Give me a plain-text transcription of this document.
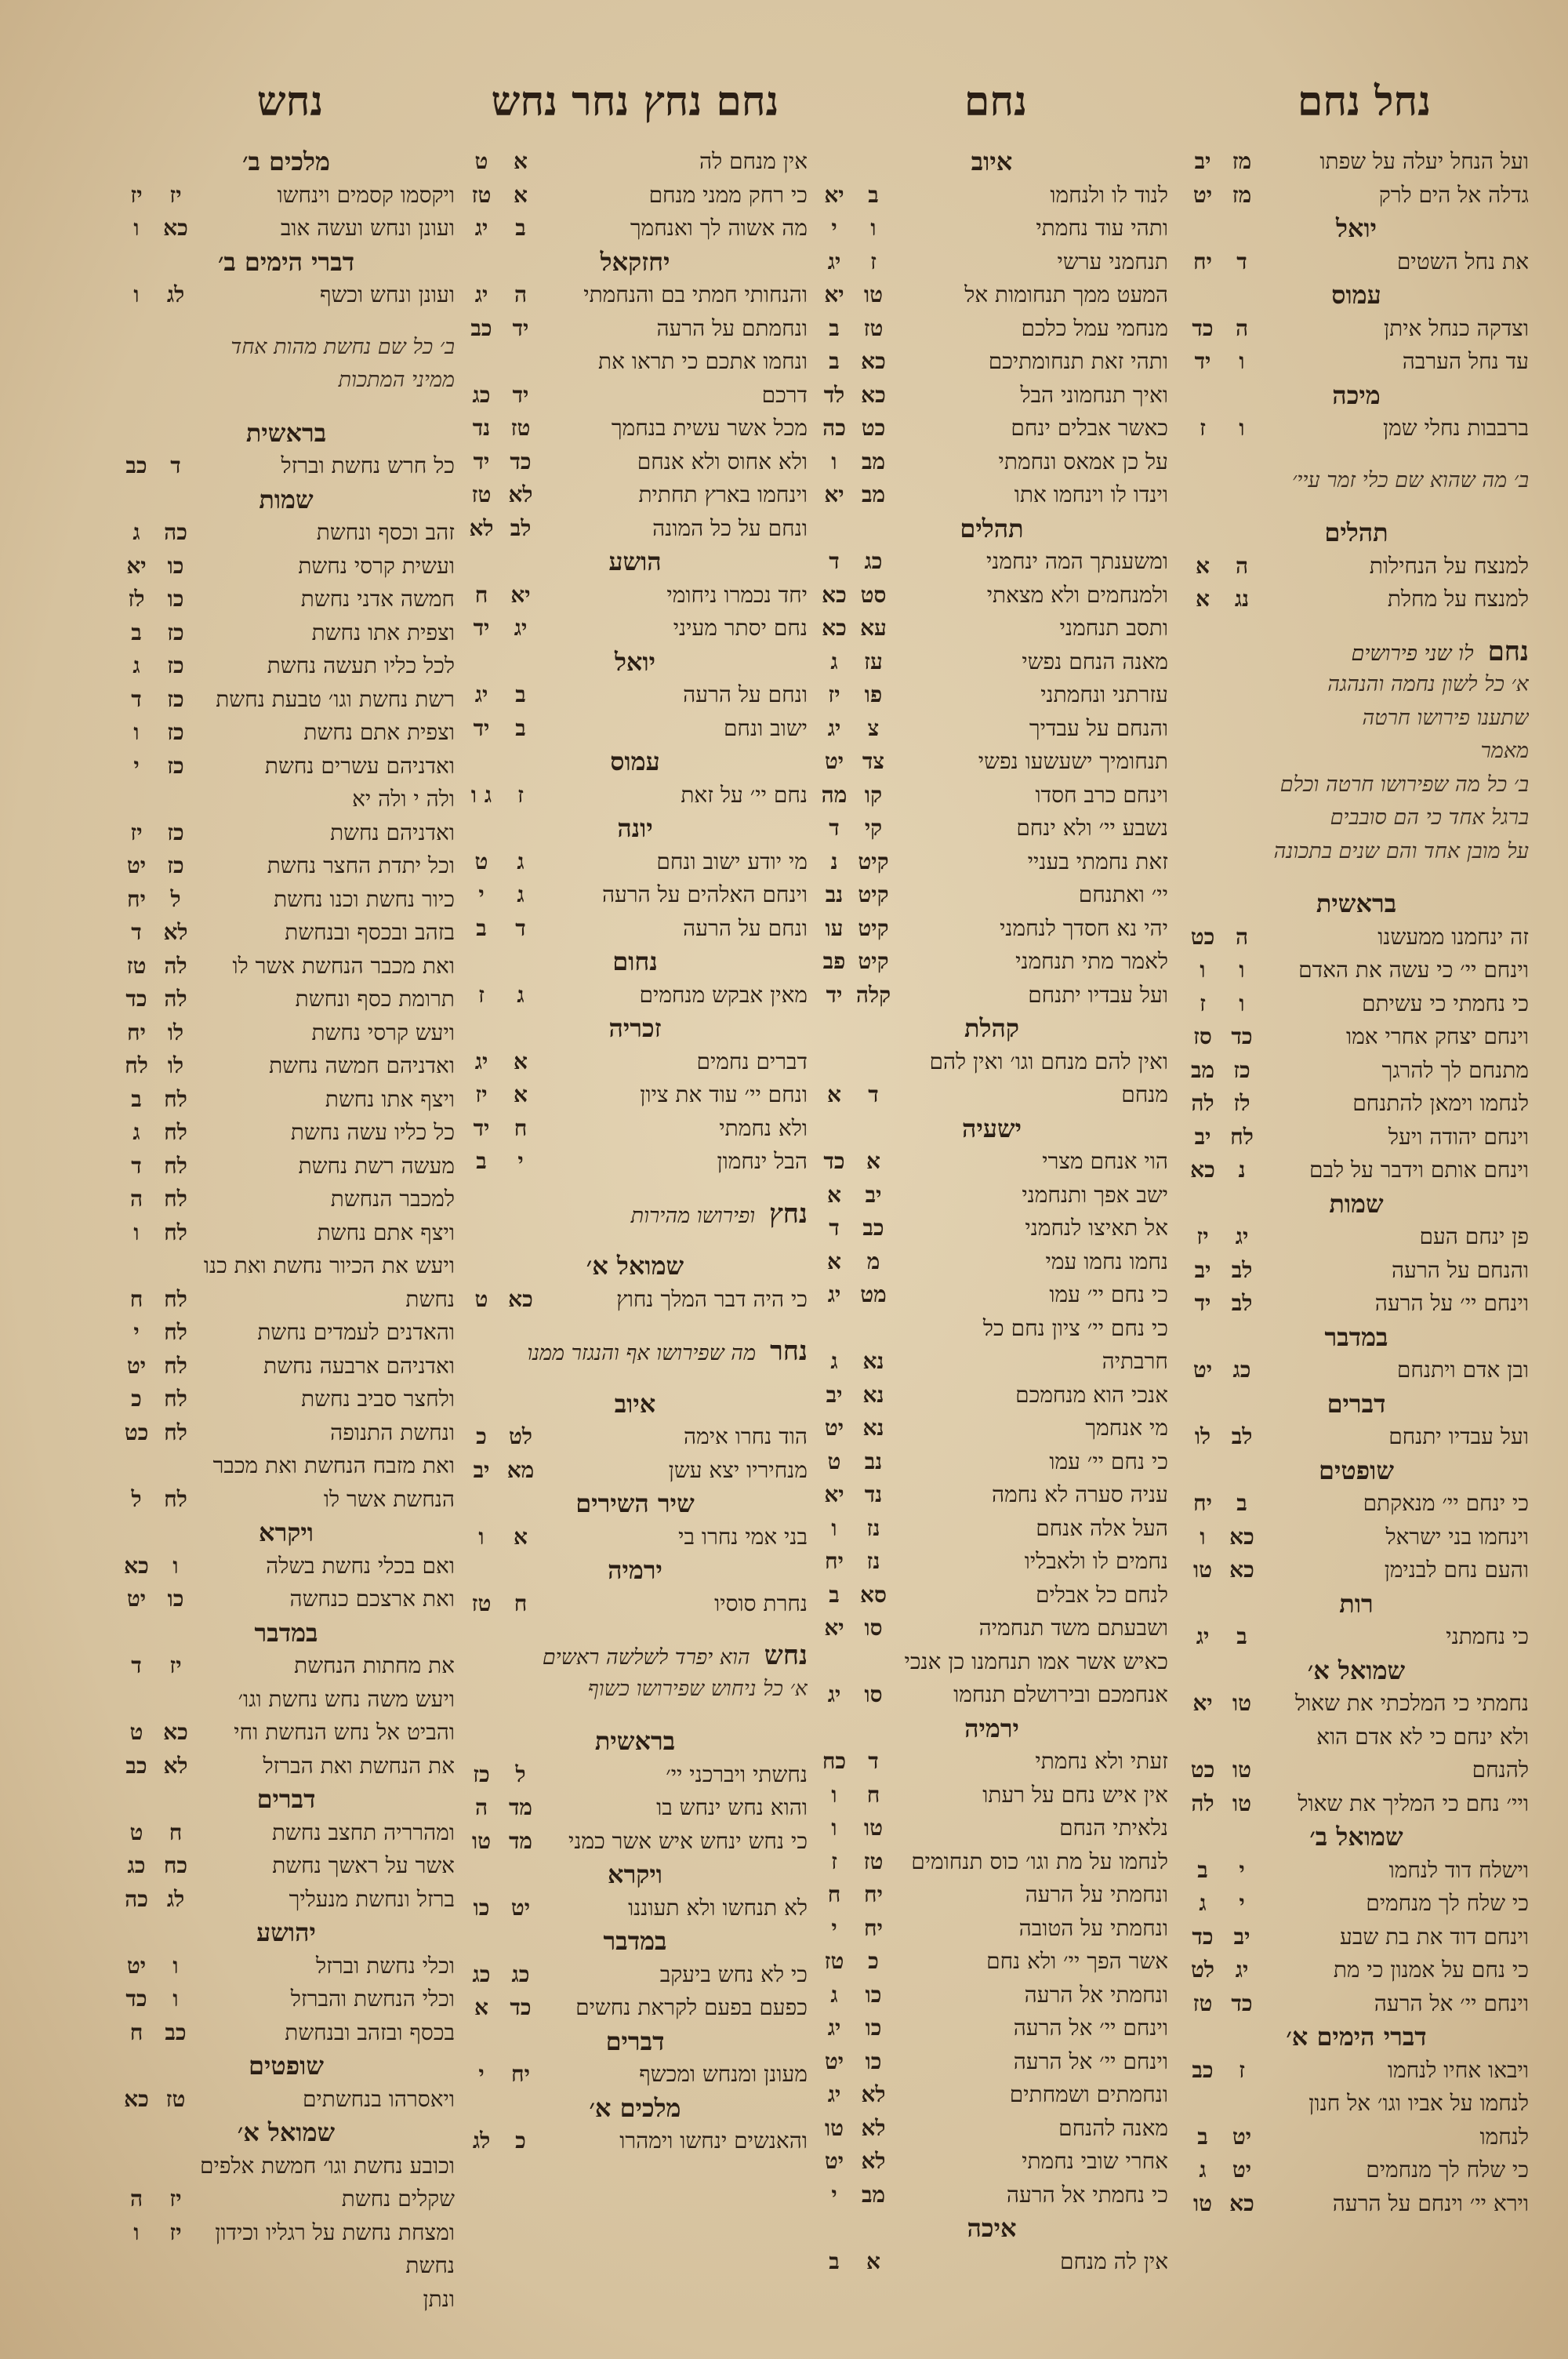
נחל נחם
נחם
נחם נחץ נחר נחש
נחש
ועל הנחל יעלה על שפתו
מז
יב
גדלה אל הים לרק
מז
יט
יואל
את נחל השטים
ד
יח
עמוס
וצדקה כנחל איתן
ה
כד
עד נחל הערבה
ו
יד
מיכה
ברבבות נחלי שמן
ו
ז
ב׳ מה שהוא שם כלי זמר עיי׳
תהלים
למנצח על הנחילות
ה
א
למנצח על מחלת
נג
א
נחם
לו שני פירושים
א׳ כל לשון נחמה והנהגה
שתענו פירושו חרטה
מאמר
ב׳ כל מה שפירושו חרטה וכלם
ברגל אחד כי הם סובבים
על מובן אחד והם שנים בתכונה
בראשית
זה ינחמנו ממעשנו
ה
כט
וינחם יי׳ כי עשה את האדם
ו
ו
כי נחמתי כי עשיתם
ו
ז
וינחם יצחק אחרי אמו
כד
סז
מתנחם לך להרגך
כז
מב
לנחמו וימאן להתנחם
לז
לה
וינחם יהודה ויעל
לח
יב
וינחם אותם וידבר על לבם
נ
כא
שמות
פן ינחם העם
יג
יז
והנחם על הרעה
לב
יב
וינחם יי׳ על הרעה
לב
יד
במדבר
ובן אדם ויתנחם
כג
יט
דברים
ועל עבדיו יתנחם
לב
לו
שופטים
כי ינחם יי׳ מנאקתם
ב
יח
וינחמו בני ישראל
כא
ו
והעם נחם לבנימן
כא
טו
רות
כי נחמתני
ב
יג
שמואל א׳
נחמתי כי המלכתי את שאול
טו
יא
ולא ינחם כי לא אדם הוא
להנחם
טו
כט
ויי׳ נחם כי המליך את שאול
טו
לה
שמואל ב׳
וישלח דוד לנחמו
י
ב
כי שלח לך מנחמים
י
ג
וינחם דוד את בת שבע
יב
כד
כי נחם על אמנון כי מת
יג
לט
וינחם יי׳ אל הרעה
כד
טז
דברי הימים א׳
ויבאו אחיו לנחמו
ז
כב
לנחמו על אביו וגו׳ אל חנון
לנחמו
יט
ב
כי שלח לך מנחמים
יט
ג
וירא יי׳ וינחם על הרעה
כא
טו
איוב
לנוד לו ולנחמו
ב
יא
ותהי עוד נחמתי
ו
י
תנחמני ערשי
ז
יג
המעט ממך תנחומות אל
טו
יא
מנחמי עמל כלכם
טז
ב
ותהי זאת תנחומתיכם
כא
ב
ואיך תנחמוני הבל
כא
לד
כאשר אבלים ינחם
כט
כה
על כן אמאס ונחמתי
מב
ו
וינדו לו וינחמו אתו
מב
יא
תהלים
ומשענתך המה ינחמני
כג
ד
ולמנחמים ולא מצאתי
סט
כא
ותסב תנחמני
עא
כא
מאנה הנחם נפשי
עז
ג
עזרתני ונחמתני
פו
יז
והנחם על עבדיך
צ
יג
תנחומיך ישעשעו נפשי
צד
יט
וינחם כרב חסדו
קו
מה
נשבע יי׳ ולא ינחם
קי
ד
זאת נחמתי בעניי
קיט
נ
יי׳ ואתנחם
קיט
נב
יהי נא חסדך לנחמני
קיט
עו
לאמר מתי תנחמני
קיט
פב
ועל עבדיו יתנחם
קלה
יד
קהלת
ואין להם מנחם וגו׳ ואין להם
מנחם
ד
א
ישעיה
הוי אנחם מצרי
א
כד
ישב אפך ותנחמני
יב
א
אל תאיצו לנחמני
כב
ד
נחמו נחמו עמי
מ
א
כי נחם יי׳ עמו
מט
יג
כי נחם יי׳ ציון נחם כל
חרבתיה
נא
ג
אנכי הוא מנחמכם
נא
יב
מי אנחמך
נא
יט
כי נחם יי׳ עמו
נב
ט
עניה סערה לא נחמה
נד
יא
העל אלה אנחם
נז
ו
נחמים לו ולאבליו
נז
יח
לנחם כל אבלים
סא
ב
ושבעתם משד תנחמיה
סו
יא
כאיש אשר אמו תנחמנו כן אנכי
אנחמכם ובירושלם תנחמו
סו
יג
ירמיה
זעתי ולא נחמתי
ד
כח
אין איש נחם על רעתו
ח
ו
נלאיתי הנחם
טו
ו
לנחמו על מת וגו׳ כוס תנחומים
טז
ז
ונחמתי על הרעה
יח
ח
ונחמתי על הטובה
יח
י
אשר הפך יי׳ ולא נחם
כ
טז
ונחמתי אל הרעה
כו
ג
וינחם יי׳ אל הרעה
כו
יג
וינחם יי׳ אל הרעה
כו
יט
ונחמתים ושמחתים
לא
יג
מאנה להנחם
לא
טו
אחרי שובי נחמתי
לא
יט
כי נחמתי אל הרעה
מב
י
איכה
אין לה מנחם
א
ב
אין מנחם לה
א
ט
כי רחק ממני מנחם
א
טז
מה אשוה לך ואנחמך
ב
יג
יחזקאל
והנחותי חמתי בם והנחמתי
ה
יג
ונחמתם על הרעה
יד
כב
ונחמו אתכם כי תראו את
דרכם
יד
כג
מכל אשר עשית בנחמך
טז
נד
ולא אחוס ולא אנחם
כד
יד
וינחמו בארץ תחתית
לא
טז
ונחם על כל המונה
לב
לא
הושע
יחד נכמרו ניחומי
יא
ח
נחם יסתר מעיני
יג
יד
יואל
ונחם על הרעה
ב
יג
ישוב ונחם
ב
יד
עמוס
נחם יי׳ על זאת
ז
ג ו
יונה
מי יודע ישוב ונחם
ג
ט
וינחם האלהים על הרעה
ג
י
ונחם על הרעה
ד
ב
נחום
מאין אבקש מנחמים
ג
ז
זכריה
דברים נחמים
א
יג
ונחם יי׳ עוד את ציון
א
יז
ולא נחמתי
ח
יד
הבל ינחמון
י
ב
נחץ
ופירושו מהירות
שמואל א׳
כי היה דבר המלך נחוץ
כא
ט
נחר
מה שפירושו אף והנגזר ממנו
איוב
הוד נחרו אימה
לט
כ
מנחיריו יצא עשן
מא
יב
שיר השירים
בני אמי נחרו בי
א
ו
ירמיה
נחרת סוסיו
ח
טז
נחש
הוא יפרד לשלשה ראשים
א׳ כל ניחוש שפירושו כשוף
בראשית
נחשתי ויברכני יי׳
ל
כז
והוא נחש ינחש בו
מד
ה
כי נחש ינחש איש אשר כמני
מד
טו
ויקרא
לא תנחשו ולא תעוננו
יט
כו
במדבר
כי לא נחש ביעקב
כג
כג
כפעם בפעם לקראת נחשים
כד
א
דברים
מעונן ומנחש ומכשף
יח
י
מלכים א׳
והאנשים ינחשו וימהרו
כ
לג
מלכים ב׳
ויקסמו קסמים וינחשו
יז
יז
ועונן ונחש ועשה אוב
כא
ו
דברי הימים ב׳
ועונן ונחש וכשף
לג
ו
ב׳ כל שם נחשת מהות אחד
ממיני המתכות
בראשית
כל חרש נחשת וברזל
ד
כב
שמות
זהב וכסף ונחשת
כה
ג
ועשית קרסי נחשת
כו
יא
חמשה אדני נחשת
כו
לז
וצפית אתו נחשת
כז
ב
לכל כליו תעשה נחשת
כז
ג
רשת נחשת וגו׳ טבעת נחשת
כז
ד
וצפית אתם נחשת
כז
ו
ואדניהם עשרים נחשת
כז
י
ולה י ולה יא
ואדניהם נחשת
כז
יז
וכל יתדת החצר נחשת
כז
יט
כיור נחשת וכנו נחשת
ל
יח
בזהב ובכסף ובנחשת
לא
ד
ואת מכבר הנחשת אשר לו
לה
טז
תרומת כסף ונחשת
לה
כד
ויעש קרסי נחשת
לו
יח
ואדניהם חמשה נחשת
לו
לח
ויצף אתו נחשת
לח
ב
כל כליו עשה נחשת
לח
ג
מעשה רשת נחשת
לח
ד
למכבר הנחשת
לח
ה
ויצף אתם נחשת
לח
ו
ויעש את הכיור נחשת ואת כנו
נחשת
לח
ח
והאדנים לעמדים נחשת
לח
י
ואדניהם ארבעה נחשת
לח
יט
ולחצר סביב נחשת
לח
כ
ונחשת התנופה
לח
כט
ואת מזבח הנחשת ואת מכבר
הנחשת אשר לו
לח
ל
ויקרא
ואם בכלי נחשת בשלה
ו
כא
ואת ארצכם כנחשה
כו
יט
במדבר
את מחתות הנחשת
יז
ד
ויעש משה נחש נחשת וגו׳
והביט אל נחש הנחשת וחי
כא
ט
את הנחשת ואת הברזל
לא
כב
דברים
ומהרריה תחצב נחשת
ח
ט
אשר על ראשך נחשת
כח
כג
ברזל ונחשת מנעליך
לג
כה
יהושע
וכלי נחשת וברזל
ו
יט
וכלי הנחשת והברזל
ו
כד
בכסף ובזהב ובנחשת
כב
ח
שופטים
ויאסרהו בנחשתים
טז
כא
שמואל א׳
וכובע נחשת וגו׳ חמשת אלפים
שקלים נחשת
יז
ה
ומצחת נחשת על רגליו וכידון
יז
ו
נחשת
ונתן
